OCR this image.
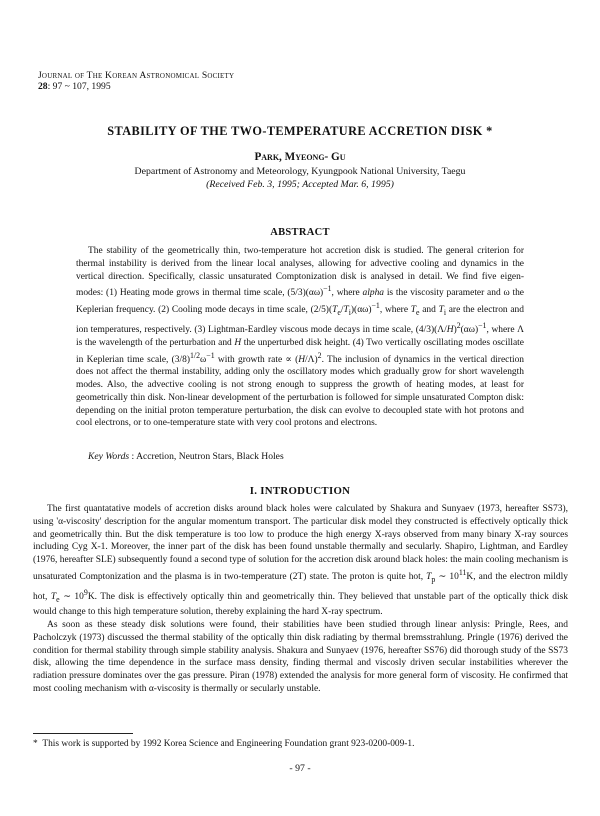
Journal of The Korean Astronomical Society
28: 97 ~ 107, 1995
STABILITY OF THE TWO-TEMPERATURE ACCRETION DISK *
Park, Myeong- Gu
Department of Astronomy and Meteorology, Kyungpook National University, Taegu
(Received Feb. 3, 1995; Accepted Mar. 6, 1995)
ABSTRACT
The stability of the geometrically thin, two-temperature hot accretion disk is studied. The general criterion for thermal instability is derived from the linear local analyses, allowing for advective cooling and dynamics in the vertical direction. Specifically, classic unsaturated Comptonization disk is analysed in detail. We find five eigen-modes: (1) Heating mode grows in thermal time scale, $(5/3)(\alpha\omega)^{-1}$, where alpha is the viscosity parameter and ω the Keplerian frequency. (2) Cooling mode decays in time scale, $(2/5)(T_e/T_i)(\alpha\omega)^{-1}$, where $T_e$ and $T_i$ are the electron and ion temperatures, respectively. (3) Lightman-Eardley viscous mode decays in time scale, $(4/3)(\Lambda/H)^2(\alpha\omega)^{-1}$, where Λ is the wavelength of the perturbation and H the unperturbed disk height. (4) Two vertically oscillating modes oscillate in Keplerian time scale, $(3/8)^{1/2}\omega^{-1}$ with growth rate ∝ $(H/\Lambda)^2$. The inclusion of dynamics in the vertical direction does not affect the thermal instability, adding only the oscillatory modes which gradually grow for short wavelength modes. Also, the advective cooling is not strong enough to suppress the growth of heating modes, at least for geometrically thin disk. Non-linear development of the perturbation is followed for simple unsaturated Compton disk: depending on the initial proton temperature perturbation, the disk can evolve to decoupled state with hot protons and cool electrons, or to one-temperature state with very cool protons and electrons.
Key Words : Accretion, Neutron Stars, Black Holes
I. INTRODUCTION

The first quantatative models of accretion disks around black holes were calculated by Shakura and Sunyaev (1973, hereafter SS73), using 'α-viscosity' description for the angular momentum transport. The particular disk model they constructed is effectively optically thick and geometrically thin. But the disk temperature is too low to produce the high energy X-rays observed from many binary X-ray sources including Cyg X-1. Moreover, the inner part of the disk has been found unstable thermally and secularly. Shapiro, Lightman, and Eardley (1976, hereafter SLE) subsequently found a second type of solution for the accretion disk around black holes: the main cooling mechanism is unsaturated Comptonization and the plasma is in two-temperature (2T) state. The proton is quite hot, $T_p$ ∼ $10^{11}K$, and the electron mildly hot, $T_e$ ∼ $10^9K$. The disk is effectively optically thin and geometrically thin. They believed that unstable part of the optically thick disk would change to this high temperature solution, thereby explaining the hard X-ray spectrum.

As soon as these steady disk solutions were found, their stabilities have been studied through linear anlysis: Pringle, Rees, and Pacholczyk (1973) discussed the thermal stability of the optically thin disk radiating by thermal bremsstrahlung. Pringle (1976) derived the condition for thermal stability through simple stability analysis. Shakura and Sunyaev (1976, hereafter SS76) did thorough study of the SS73 disk, allowing the time dependence in the surface mass density, finding thermal and viscosly driven secular instabilities wherever the radiation pressure dominates over the gas pressure. Piran (1978) extended the analysis for more general form of viscosity. He confirmed that most cooling mechanism with α-viscosity is thermally or secularly unstable.

* This work is supported by 1992 Korea Science and Engineering Foundation grant 923-0200-009-1.
- 97 -
